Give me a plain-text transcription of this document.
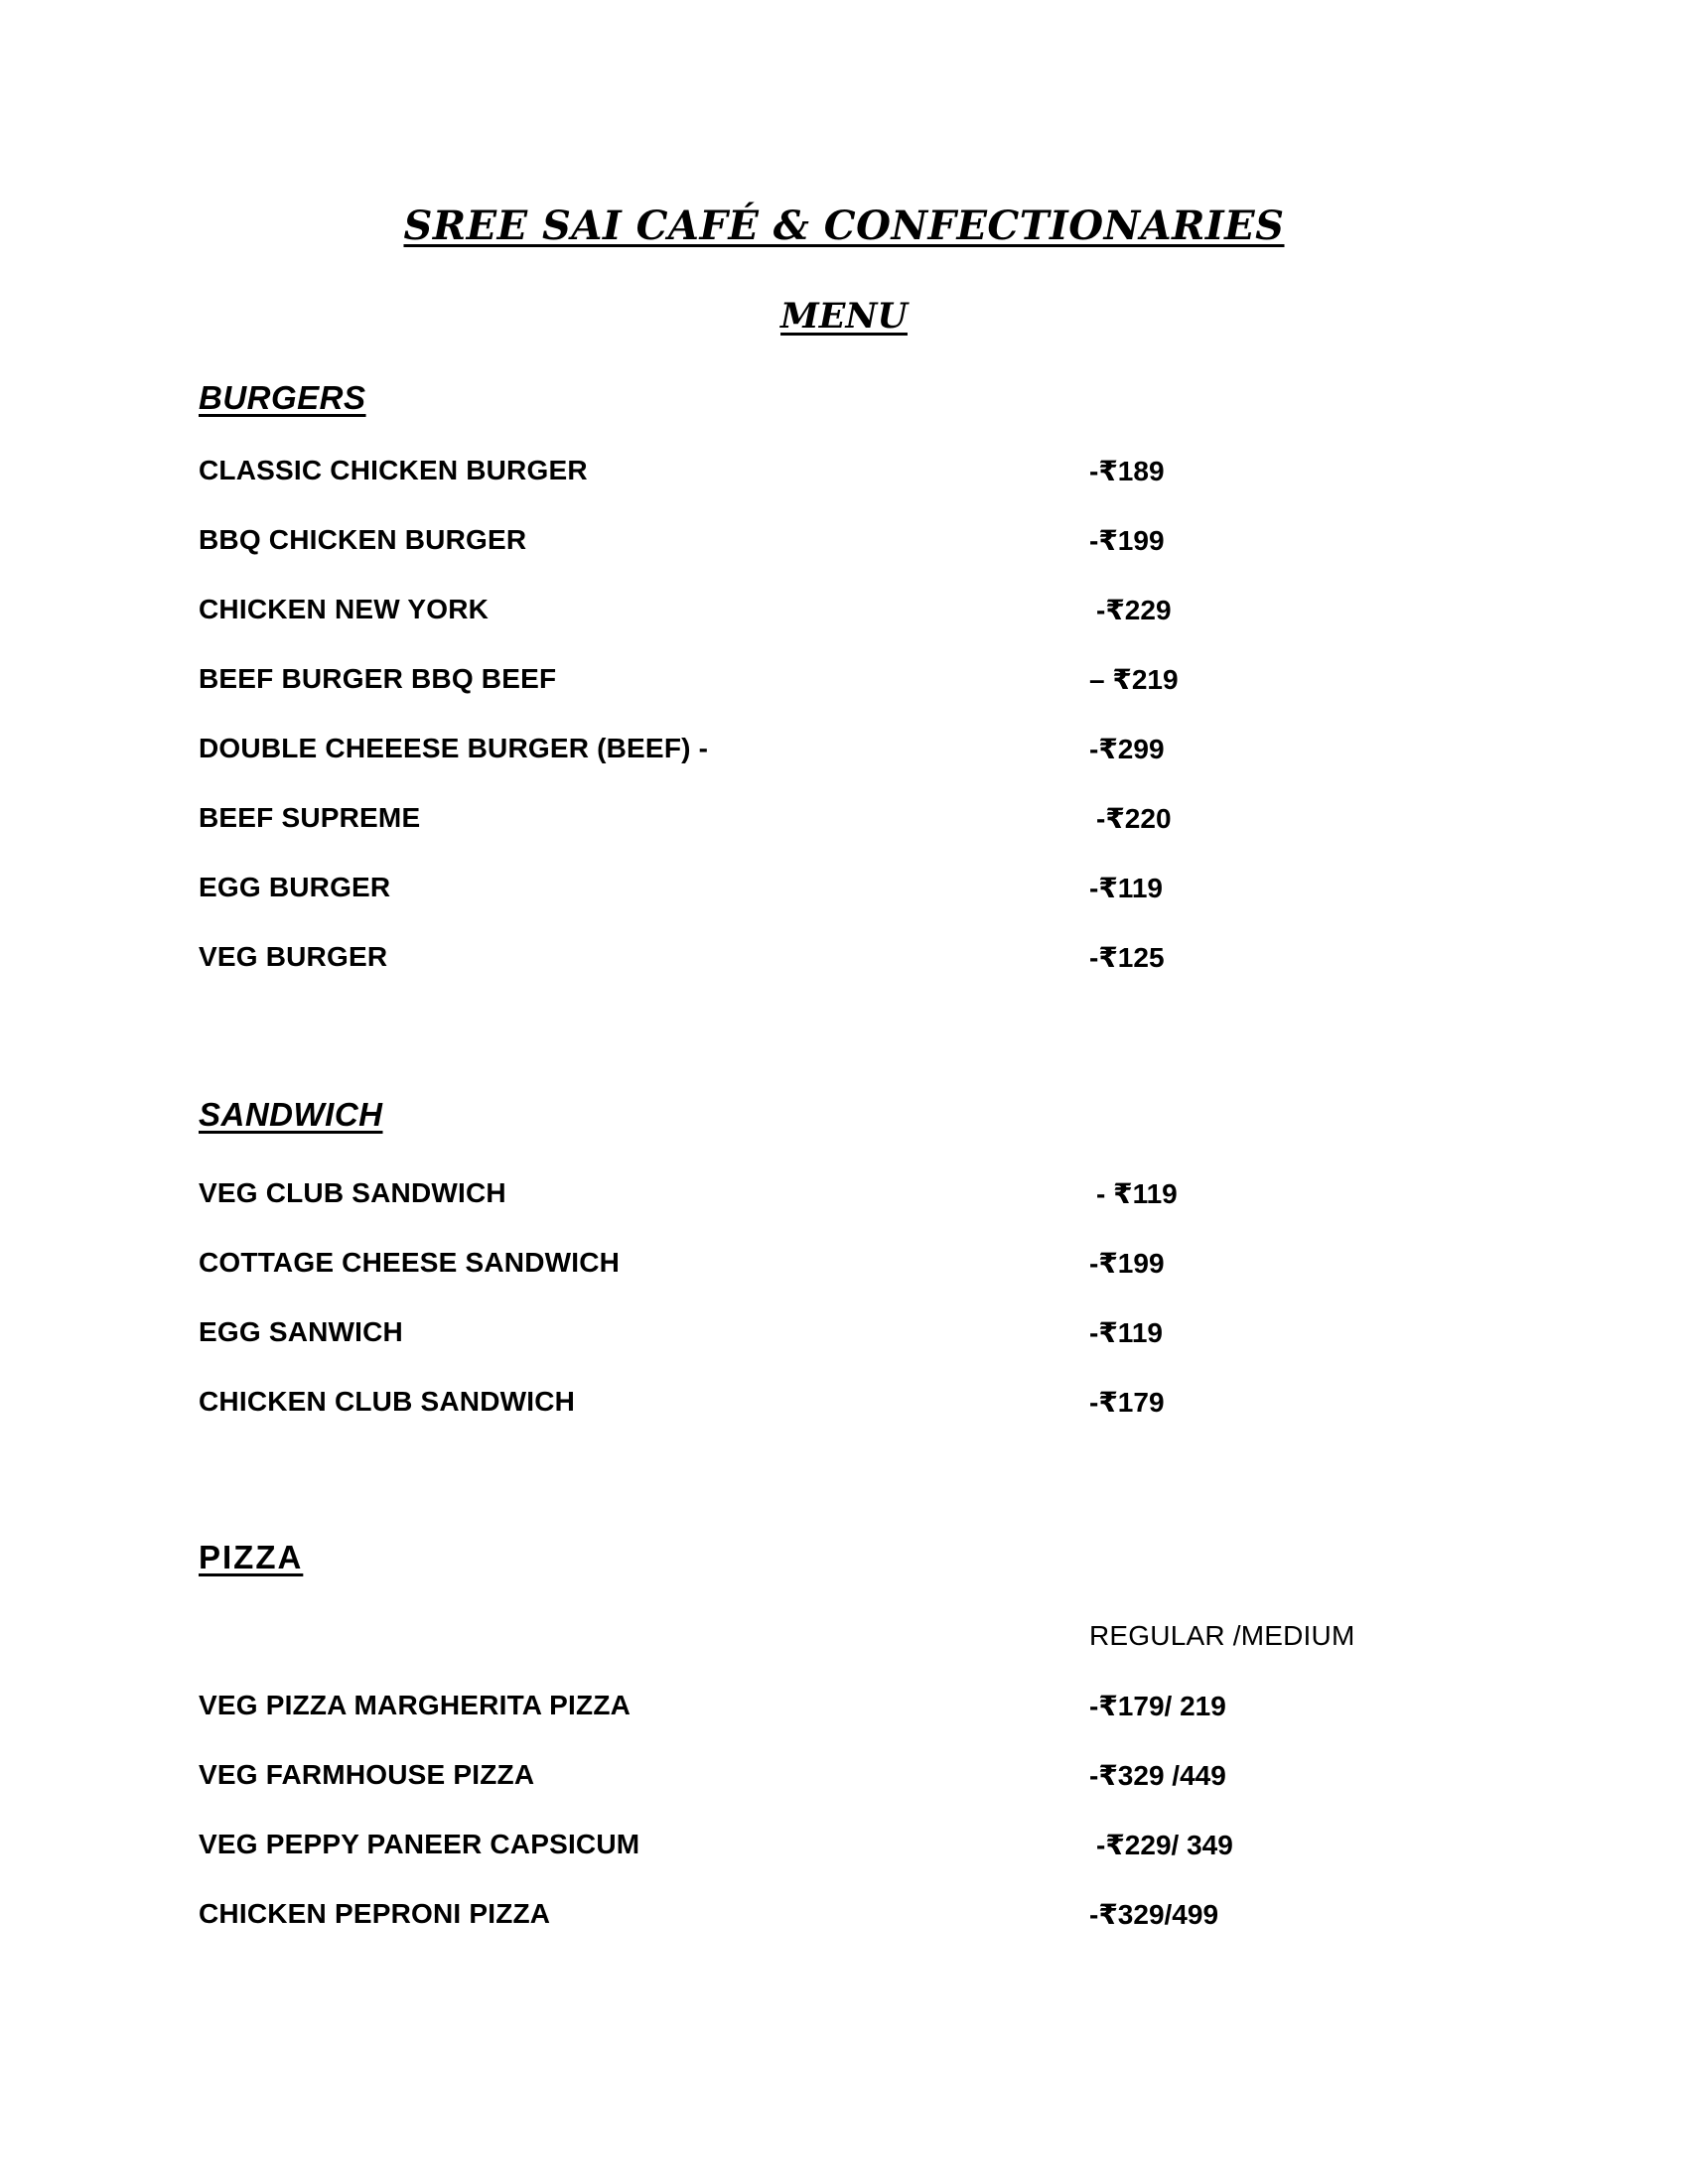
SREE SAI CAFÉ & CONFECTIONARIES
MENU
BURGERS
CLASSIC CHICKEN BURGER	-₹189
BBQ CHICKEN BURGER	-₹199
CHICKEN NEW YORK	-₹229
BEEF BURGER BBQ BEEF	– ₹219
DOUBLE CHEEESE BURGER (BEEF) -	-₹299
BEEF SUPREME	-₹220
EGG BURGER	-₹119
VEG BURGER	-₹125
SANDWICH
VEG CLUB SANDWICH	- ₹119
COTTAGE CHEESE SANDWICH	-₹199
EGG SANWICH	-₹119
CHICKEN CLUB SANDWICH	-₹179
PIZZA
REGULAR /MEDIUM
VEG PIZZA MARGHERITA PIZZA	-₹179/ 219
VEG FARMHOUSE PIZZA	-₹329 /449
VEG PEPPY PANEER CAPSICUM	-₹229/ 349
CHICKEN PEPRONI PIZZA	-₹329/499
